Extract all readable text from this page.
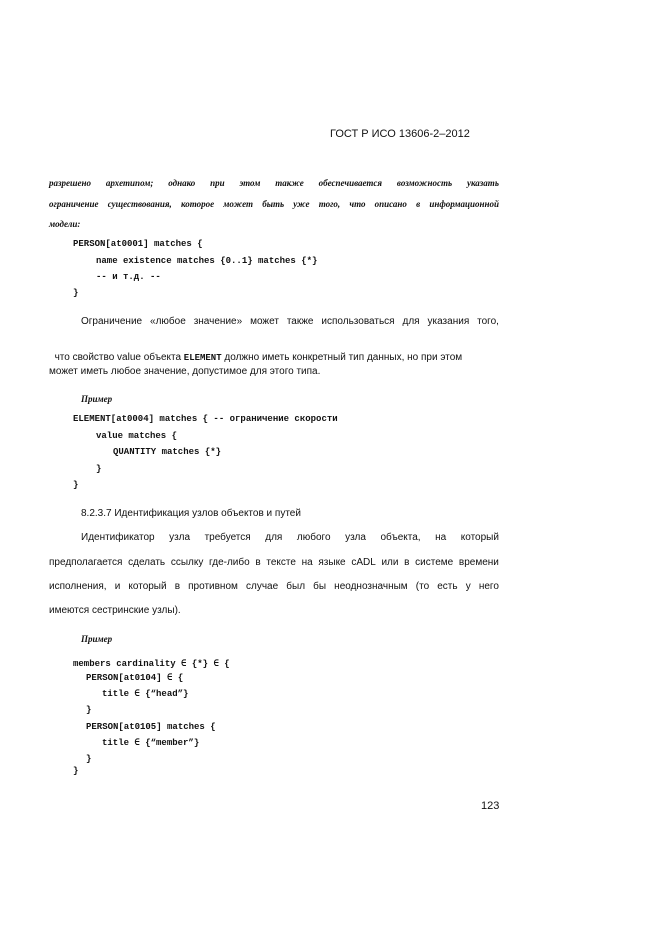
ГОСТ Р ИСО 13606-2–2012
разрешено архетипом; однако при этом также обеспечивается возможность указать
ограничение существования, которое может быть уже того, что описано в информационной
модели:
PERSON[at0001] matches {
name existence matches {0..1} matches {*}
-- и т.д. --
}
Ограничение «любое значение» может также использоваться для указания того,

что свойство value объекта ELEMENT должно иметь конкретный тип данных, но при этом

может иметь любое значение, допустимое для этого типа.
Пример
ELEMENT[at0004] matches { -- ограничение скорости
value matches {
QUANTITY matches {*}
}
}
8.2.3.7 Идентификация узлов объектов и путей
Идентификатор узла требуется для любого узла объекта, на который
предполагается сделать ссылку где-либо в тексте на языке cADL или в системе времени
исполнения, и который в противном случае был бы неоднозначным (то есть у него
имеются сестринские узлы).
Пример
members cardinality ∈ {*} ∈ {
PERSON[at0104] ∈ {
title ∈ {“head”}
}
PERSON[at0105] matches {
title ∈ {“member”}
}
}
123
